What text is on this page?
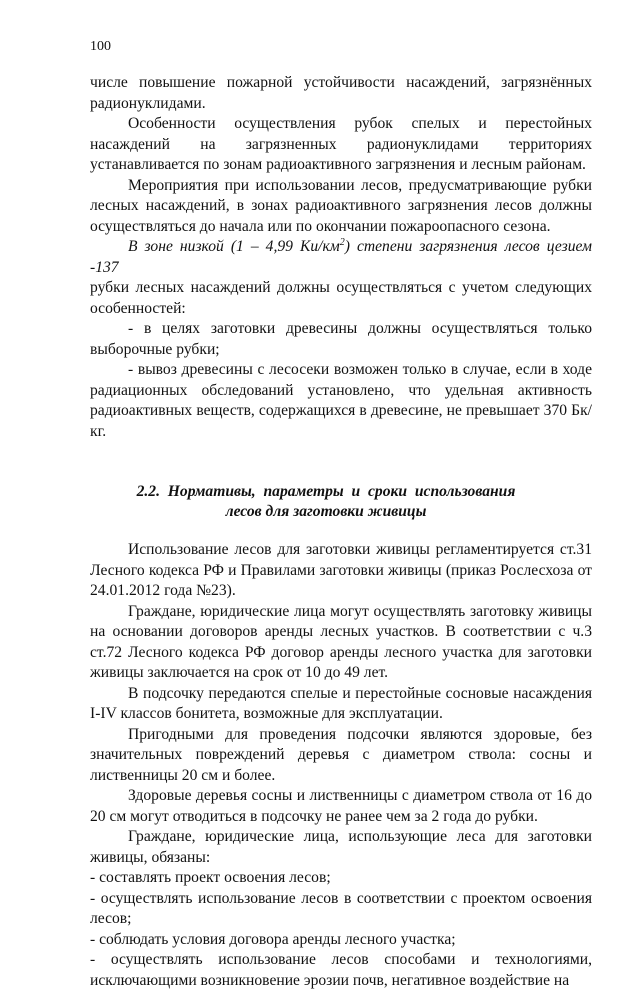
100

числе повышение пожарной устойчивости насаждений, загрязнённых радионуклидами.

Особенности осуществления рубок спелых и перестойных насаждений на загрязненных радионуклидами территориях устанавливается по зонам радиоактивного загрязнения и лесным районам.

Мероприятия при использовании лесов, предусматривающие рубки лесных насаждений, в зонах радиоактивного загрязнения лесов должны осуществляться до начала или по окончании пожароопасного сезона.

В зоне низкой (1 – 4,99 $Ки/км^2$) степени загрязнения лесов цезием -137

рубки лесных насаждений должны осуществляться с учетом следующих особенностей:

- в целях заготовки древесины должны осуществляться только выборочные рубки;

- вывоз древесины с лесосеки возможен только в случае, если в ходе радиационных обследований установлено, что удельная активность радиоактивных веществ, содержащихся в древесине, не превышает 370 Бк/кг.

2.2.  Нормативы,  параметры  и  сроки  использования
лесов для заготовки живицы

Использование лесов для заготовки живицы регламентируется ст.31 Лесного кодекса РФ и Правилами заготовки живицы (приказ Рослесхоза от 24.01.2012 года №23).

Граждане, юридические лица могут осуществлять заготовку живицы на основании договоров аренды лесных участков. В соответствии с ч.3 ст.72 Лесного кодекса РФ договор аренды лесного участка для заготовки живицы заключается на срок от 10 до 49 лет.

В подсочку передаются спелые и перестойные сосновые насаждения I-IV классов бонитета, возможные для эксплуатации.

Пригодными для проведения подсочки являются здоровые, без значительных повреждений деревья с диаметром ствола: сосны и лиственницы 20 см и более.

Здоровые деревья сосны и лиственницы с диаметром ствола от 16 до 20 см могут отводиться в подсочку не ранее чем за 2 года до рубки.

Граждане, юридические лица, использующие леса для заготовки живицы, обязаны:

- составлять проект освоения лесов;

- осуществлять использование лесов в соответствии с проектом освоения лесов;

- соблюдать условия договора аренды лесного участка;

- осуществлять использование лесов способами и технологиями, исключающими возникновение эрозии почв, негативное воздействие на
